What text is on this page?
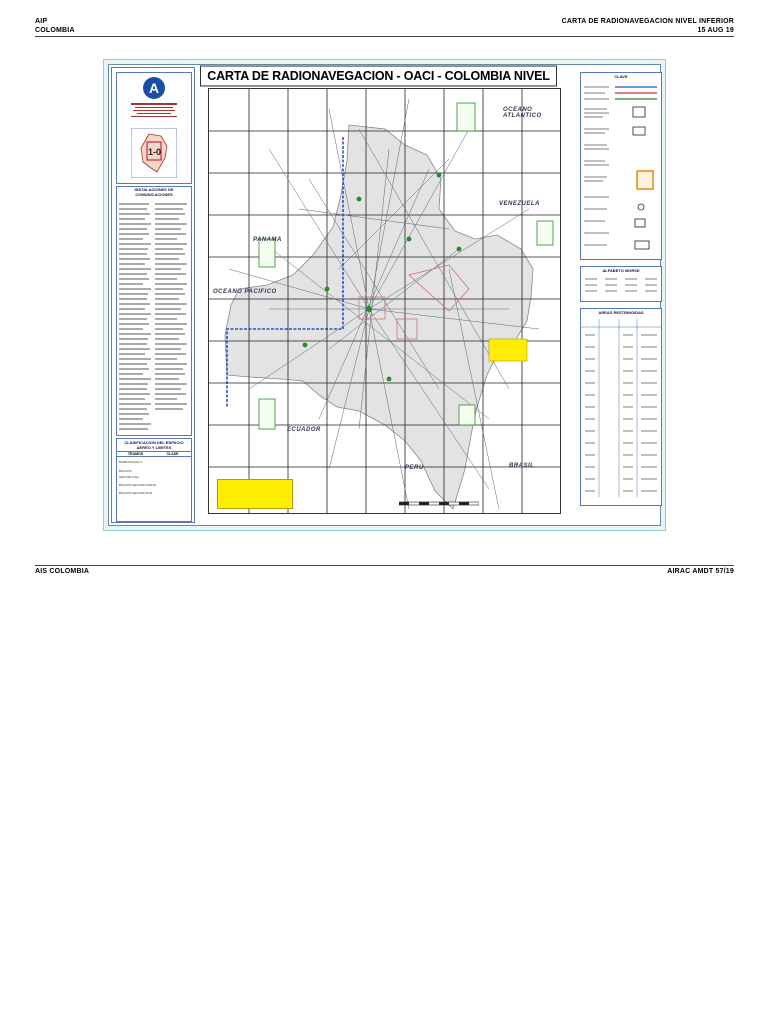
AIP
COLOMBIA
CARTA DE RADIONAVEGACION NIVEL INFERIOR
15 AUG 19
A
1-0
INSTALACIONES DE COMUNICACIONES
CLASIFICACION DEL ESPACIO AEREO Y LIMITES
TRAMOS	CLASE
BARRANQUILLA
BOGOTA
SECTOR CALI
BOGOTA SECTOR NORTE
BOGOTA SECTOR SUR
CARTA DE RADIONAVEGACION - OACI - COLOMBIA NIVEL
OCEANO ATLANTICO
VENEZUELA
PANAMA
OCEANO PACIFICO
ECUADOR
PERU	BRASIL
CLAVE
ALFABETO MORSE
AREAS RESTRINGIDAS
AIS COLOMBIA	AIRAC AMDT 57/19
